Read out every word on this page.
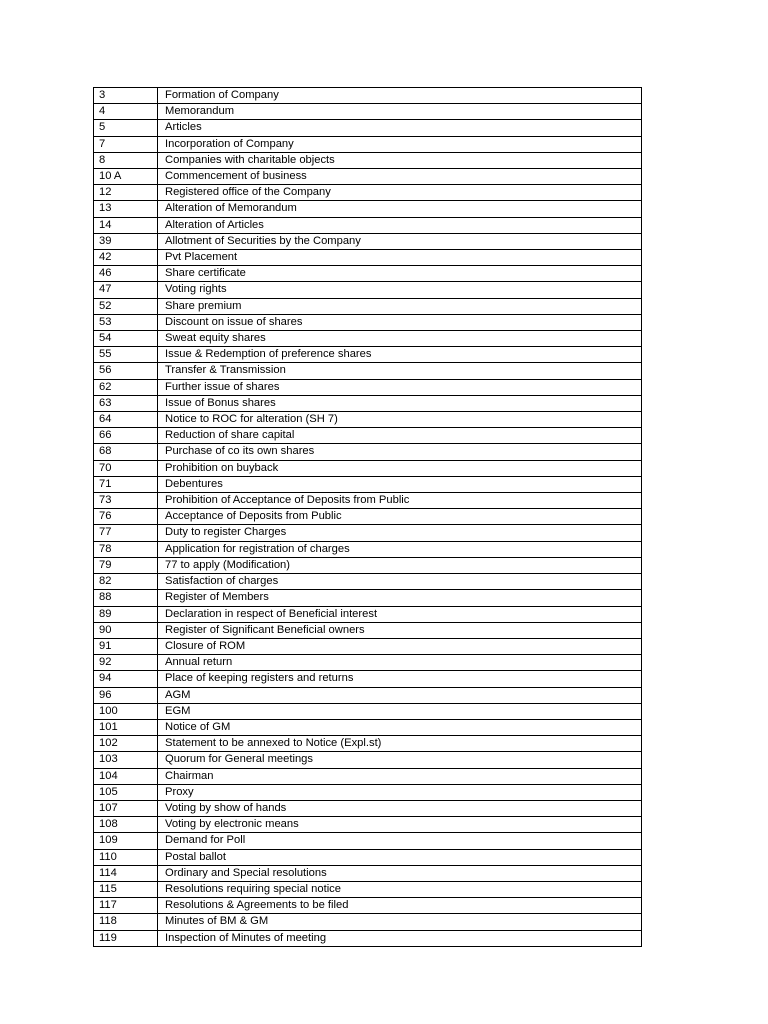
3	Formation of Company
4	Memorandum
5	Articles
7	Incorporation of Company
8	Companies with charitable objects
10 A	Commencement of business
12	Registered office of the Company
13	Alteration of Memorandum
14	Alteration of Articles
39	Allotment of Securities by the Company
42	Pvt Placement
46	Share certificate
47	Voting rights
52	Share premium
53	Discount on issue of shares
54	Sweat equity shares
55	Issue & Redemption of preference shares
56	Transfer & Transmission
62	Further issue of shares
63	Issue of Bonus shares
64	Notice to ROC for alteration (SH 7)
66	Reduction of share capital
68	Purchase of co its own shares
70	Prohibition on buyback
71	Debentures
73	Prohibition of Acceptance of Deposits from Public
76	Acceptance of Deposits from Public
77	Duty to register Charges
78	Application for registration of charges
79	77 to apply (Modification)
82	Satisfaction of charges
88	Register of Members
89	Declaration in respect of Beneficial interest
90	Register of Significant Beneficial owners
91	Closure of ROM
92	Annual return
94	Place of keeping registers and returns
96	AGM
100	EGM
101	Notice of GM
102	Statement to be annexed to Notice (Expl.st)
103	Quorum for General meetings
104	Chairman
105	Proxy
107	Voting by show of hands
108	Voting by electronic means
109	Demand for Poll
110	Postal ballot
114	Ordinary and Special resolutions
115	Resolutions requiring special notice
117	Resolutions & Agreements to be filed
118	Minutes of BM & GM
119	Inspection of Minutes of meeting
